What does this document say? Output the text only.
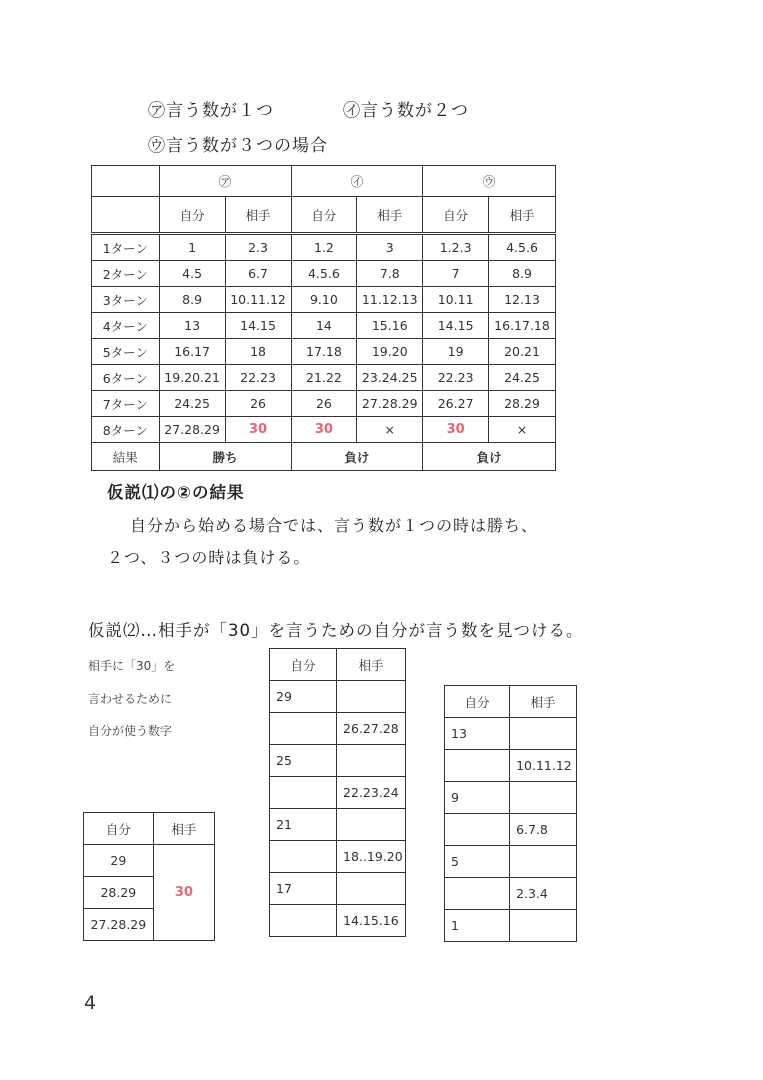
㋐言う数が１つ	㋑言う数が２つ
㋒言う数が３つの場合
	㋐		㋑		㋒	
	自分	相手	自分	相手	自分	相手
1ターン	1	2.3	1.2	3	1.2.3	4.5.6
2ターン	4.5	6.7	4.5.6	7.8	7	8.9
3ターン	8.9	10.11.12	9.10	11.12.13	10.11	12.13
4ターン	13	14.15	14	15.16	14.15	16.17.18
5ターン	16.17	18	17.18	19.20	19	20.21
6ターン	19.20.21	22.23	21.22	23.24.25	22.23	24.25
7ターン	24.25	26	26	27.28.29	26.27	28.29
8ターン	27.28.29	30	30	×	30	×
結果	勝ち		負け		負け	
仮説⑴の②の結果
自分から始める場合では、言う数が１つの時は勝ち、
２つ、３つの時は負ける。
仮説⑵…相手が「30」を言うための自分が言う数を見つける。
相手に「30」を
言わせるために
自分が使う数字
自分	相手
29	30
28.29	
27.28.29	
自分	相手
29	
	26.27.28
25	
	22.23.24
21	
	18..19.20
17	
	14.15.16
自分	相手
13	
	10.11.12
9	
	6.7.8
5	
	2.3.4
1	
4
